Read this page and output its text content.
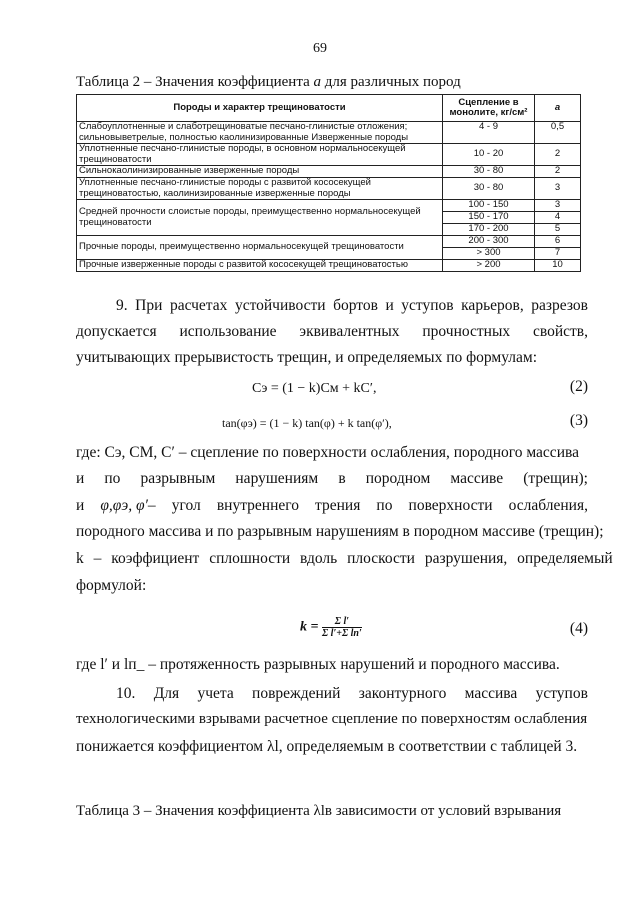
69
Таблица 2 – Значения коэффициента a для различных пород
Породы и характер трещиноватости	Сцепление в монолите, кг/см²	a
Слабоуплотненные и слаботрещиноватые песчано-глинистые отложения; сильновыветрелые, полностью каолинизированные Изверженные породы	4 - 9	0,5
Уплотненные песчано-глинистые породы, в основном нормальносекущей трещиноватости	10 - 20	2
Сильнокаолинизированные изверженные породы	30 - 80	2
Уплотненные песчано-глинистые породы с развитой кососекущей трещиноватостью, каолинизированные изверженные породы	30 - 80	3
Средней прочности слоистые породы, преимущественно нормальносекущей трещиноватости	100 - 150	3
	150 - 170	4
	170 - 200	5
Прочные породы, преимущественно нормальносекущей трещиноватости	200 - 300	6
	> 300	7
Прочные изверженные породы с развитой кососекущей трещиноватостью	> 200	10
9. При расчетах устойчивости бортов и уступов карьеров, разрезов
допускается использование эквивалентных прочностных свойств,
учитывающих прерывистость трещин, и определяемых по формулам:
Cэ = (1 − k)Cм + kC′,	(2)
tan(φэ) = (1 − k) tan(φ) + k tan(φ′),	(3)
где: Cэ, CМ, C′ – сцепление по поверхности ослабления, породного массива
и по разрывным нарушениям в породном массиве (трещин);
и φ,φэ, φ′– угол внутреннего трения по поверхности ослабления,
породного массива и по разрывным нарушениям в породном массиве (трещин);
k – коэффициент сплошности вдоль плоскости разрушения, определяемый
формулой:
$k = \frac{\text{Σ l′}}{\text{Σ l′+Σ lп′}}$	(4)
где l′ и lп_ – протяженность разрывных нарушений и породного массива.
10. Для учета повреждений законтурного массива уступов
технологическими взрывами расчетное сцепление по поверхностям ослабления
понижается коэффициентом λl, определяемым в соответствии с таблицей 3.
Таблица 3 – Значения коэффициента λlв зависимости от условий взрывания
